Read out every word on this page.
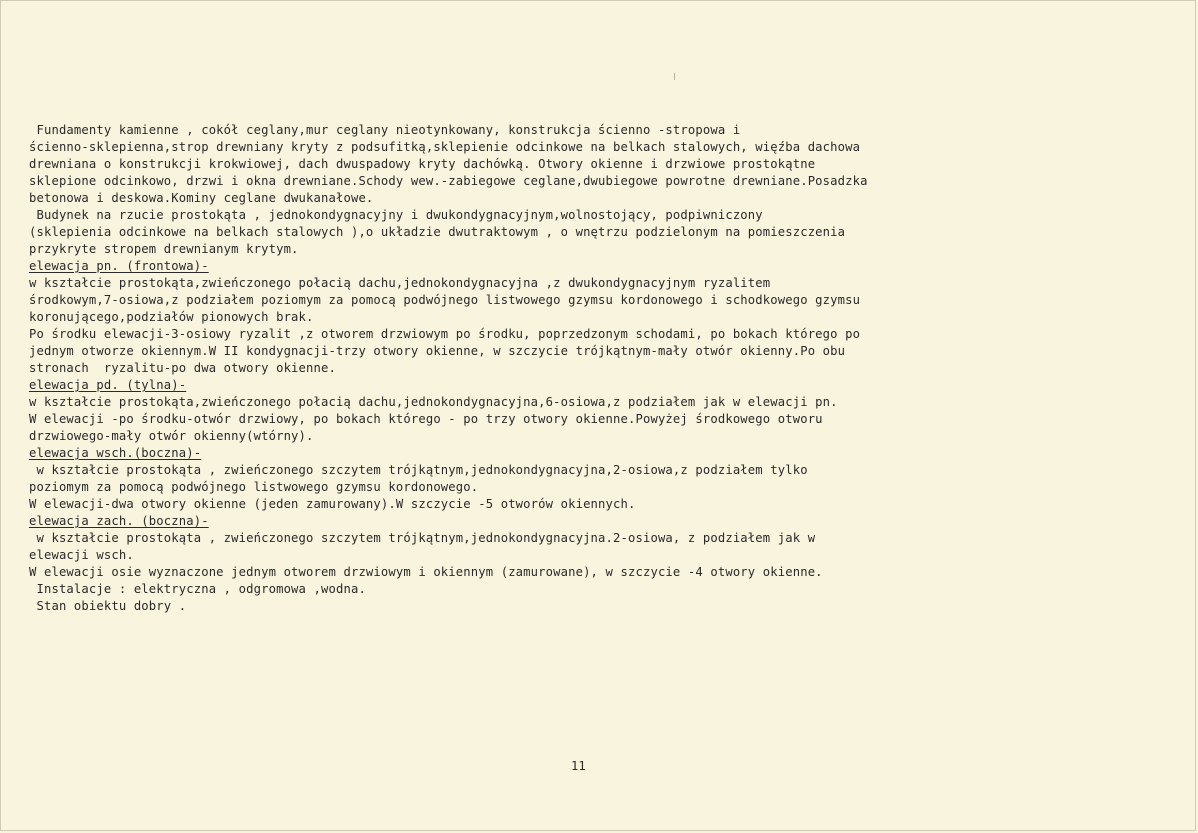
Fundamenty kamienne , cokół ceglany,mur ceglany nieotynkowany, konstrukcja ścienno -stropowa i
ścienno-sklepienna,strop drewniany kryty z podsufitką,sklepienie odcinkowe na belkach stalowych, więźba dachowa
drewniana o konstrukcji krokwiowej, dach dwuspadowy kryty dachówką. Otwory okienne i drzwiowe prostokątne
sklepione odcinkowo, drzwi i okna drewniane.Schody wew.-zabiegowe ceglane,dwubiegowe powrotne drewniane.Posadzka
betonowa i deskowa.Kominy ceglane dwukanałowe.
Budynek na rzucie prostokąta , jednokondygnacyjny i dwukondygnacyjnym,wolnostojący, podpiwniczony
(sklepienia odcinkowe na belkach stalowych ),o układzie dwutraktowym , o wnętrzu podzielonym na pomieszczenia
przykryte stropem drewnianym krytym.
elewacja pn. (frontowa)-
w kształcie prostokąta,zwieńczonego połacią dachu,jednokondygnacyjna ,z dwukondygnacyjnym ryzalitem
środkowym,7-osiowa,z podziałem poziomym za pomocą podwójnego listwowego gzymsu kordonowego i schodkowego gzymsu
koronującego,podziałów pionowych brak.
Po środku elewacji-3-osiowy ryzalit ,z otworem drzwiowym po środku, poprzedzonym schodami, po bokach którego po
jednym otworze okiennym.W II kondygnacji-trzy otwory okienne, w szczycie trójkątnym-mały otwór okienny.Po obu
stronach  ryzalitu-po dwa otwory okienne.
elewacja pd. (tylna)-
w kształcie prostokąta,zwieńczonego połacią dachu,jednokondygnacyjna,6-osiowa,z podziałem jak w elewacji pn.
W elewacji -po środku-otwór drzwiowy, po bokach którego - po trzy otwory okienne.Powyżej środkowego otworu
drzwiowego-mały otwór okienny(wtórny).
elewacja wsch.(boczna)-
w kształcie prostokąta , zwieńczonego szczytem trójkątnym,jednokondygnacyjna,2-osiowa,z podziałem tylko
poziomym za pomocą podwójnego listwowego gzymsu kordonowego.
W elewacji-dwa otwory okienne (jeden zamurowany).W szczycie -5 otworów okiennych.
elewacja zach. (boczna)-
w kształcie prostokąta , zwieńczonego szczytem trójkątnym,jednokondygnacyjna.2-osiowa, z podziałem jak w
elewacji wsch.
W elewacji osie wyznaczone jednym otworem drzwiowym i okiennym (zamurowane), w szczycie -4 otwory okienne.
Instalacje : elektryczna , odgromowa ,wodna.
Stan obiektu dobry .
11
